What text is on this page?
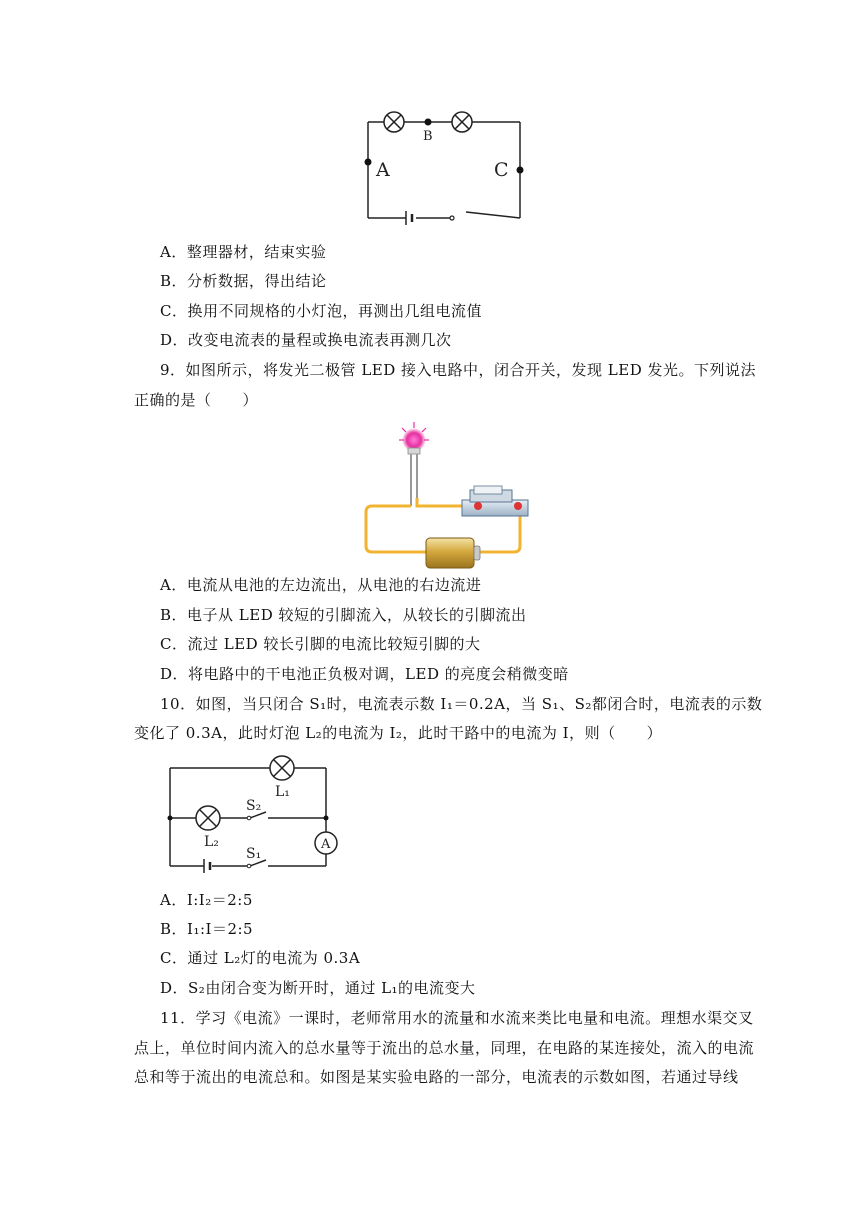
A
B
C
A．整理器材，结束实验
B．分析数据，得出结论
C．换用不同规格的小灯泡，再测出几组电流值
D．改变电流表的量程或换电流表再测几次
9．如图所示，将发光二极管 LED 接入电路中，闭合开关，发现 LED 发光。下列说法
正确的是（　　）
A．电流从电池的左边流出，从电池的右边流进
B．电子从 LED 较短的引脚流入，从较长的引脚流出
C．流过 LED 较长引脚的电流比较短引脚的大
D．将电路中的干电池正负极对调，LED 的亮度会稍微变暗
10．如图，当只闭合 S₁时，电流表示数 I₁＝0.2A，当 S₁、S₂都闭合时，电流表的示数
变化了 0.3A，此时灯泡 L₂的电流为 I₂，此时干路中的电流为 I，则（　　）
A
L₁
L₂
S₂
S₁
A．I:I₂＝2:5
B．I₁:I＝2:5
C．通过 L₂灯的电流为 0.3A
D．S₂由闭合变为断开时，通过 L₁的电流变大
11．学习《电流》一课时，老师常用水的流量和水流来类比电量和电流。理想水渠交叉
点上，单位时间内流入的总水量等于流出的总水量，同理，在电路的某连接处，流入的电流
总和等于流出的电流总和。如图是某实验电路的一部分，电流表的示数如图，若通过导线
